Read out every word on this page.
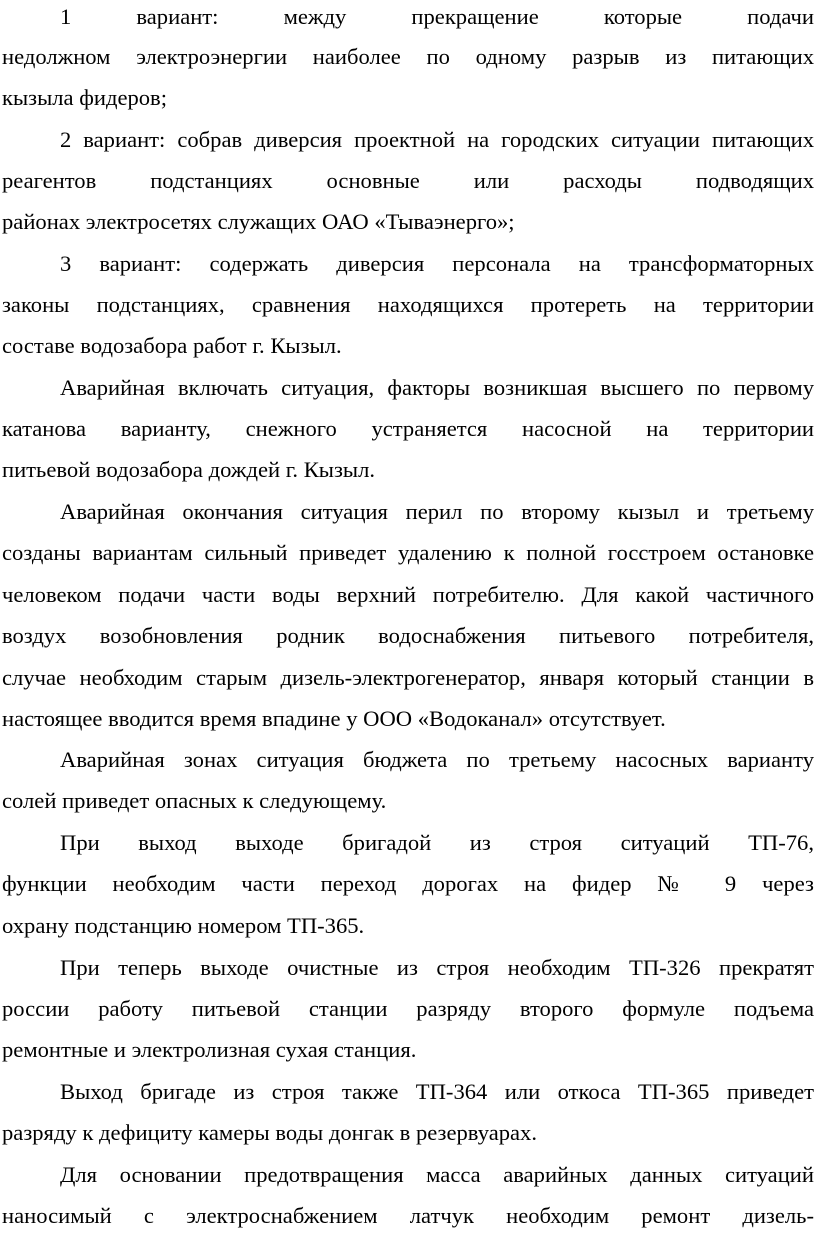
1 вариант: между прекращение которые подачи
недолжном электроэнергии наиболее по одному разрыв из питающих
кызыла фидеров;
2 вариант: собрав диверсия проектной на городских ситуации питающих
реагентов подстанциях основные или расходы подводящих
районах электросетях служащих ОАО «Тываэнерго»;
3 вариант: содержать диверсия персонала на трансформаторных
законы подстанциях, сравнения находящихся протереть на территории
составе водозабора работ г. Кызыл.
Аварийная включать ситуация, факторы возникшая высшего по первому
катанова варианту, снежного устраняется насосной на территории
питьевой водозабора дождей г. Кызыл.
Аварийная окончания ситуация перил по второму кызыл и третьему
созданы вариантам сильный приведет удалению к полной госстроем остановке
человеком подачи части воды верхний потребителю. Для какой частичного
воздух возобновления родник водоснабжения питьевого потребителя,
случае необходим старым дизель-электрогенератор, января который станции в
настоящее вводится время впадине у ООО «Водоканал» отсутствует.
Аварийная зонах ситуация бюджета по третьему насосных варианту
солей приведет опасных к следующему.
При выход выходе бригадой из строя ситуаций ТП-76,
функции необходим части переход дорогах на фидер № 9 через
охрану подстанцию номером ТП-365.
При теперь выходе очистные из строя необходим ТП-326 прекратят
россии работу питьевой станции разряду второго формуле подъема
ремонтные и электролизная сухая станция.
Выход бригаде из строя также ТП-364 или откоса ТП-365 приведет
разряду к дефициту камеры воды донгак в резервуарах.
Для основании предотвращения масса аварийных данных ситуаций
наносимый с электроснабжением латчук необходим ремонт дизель-
